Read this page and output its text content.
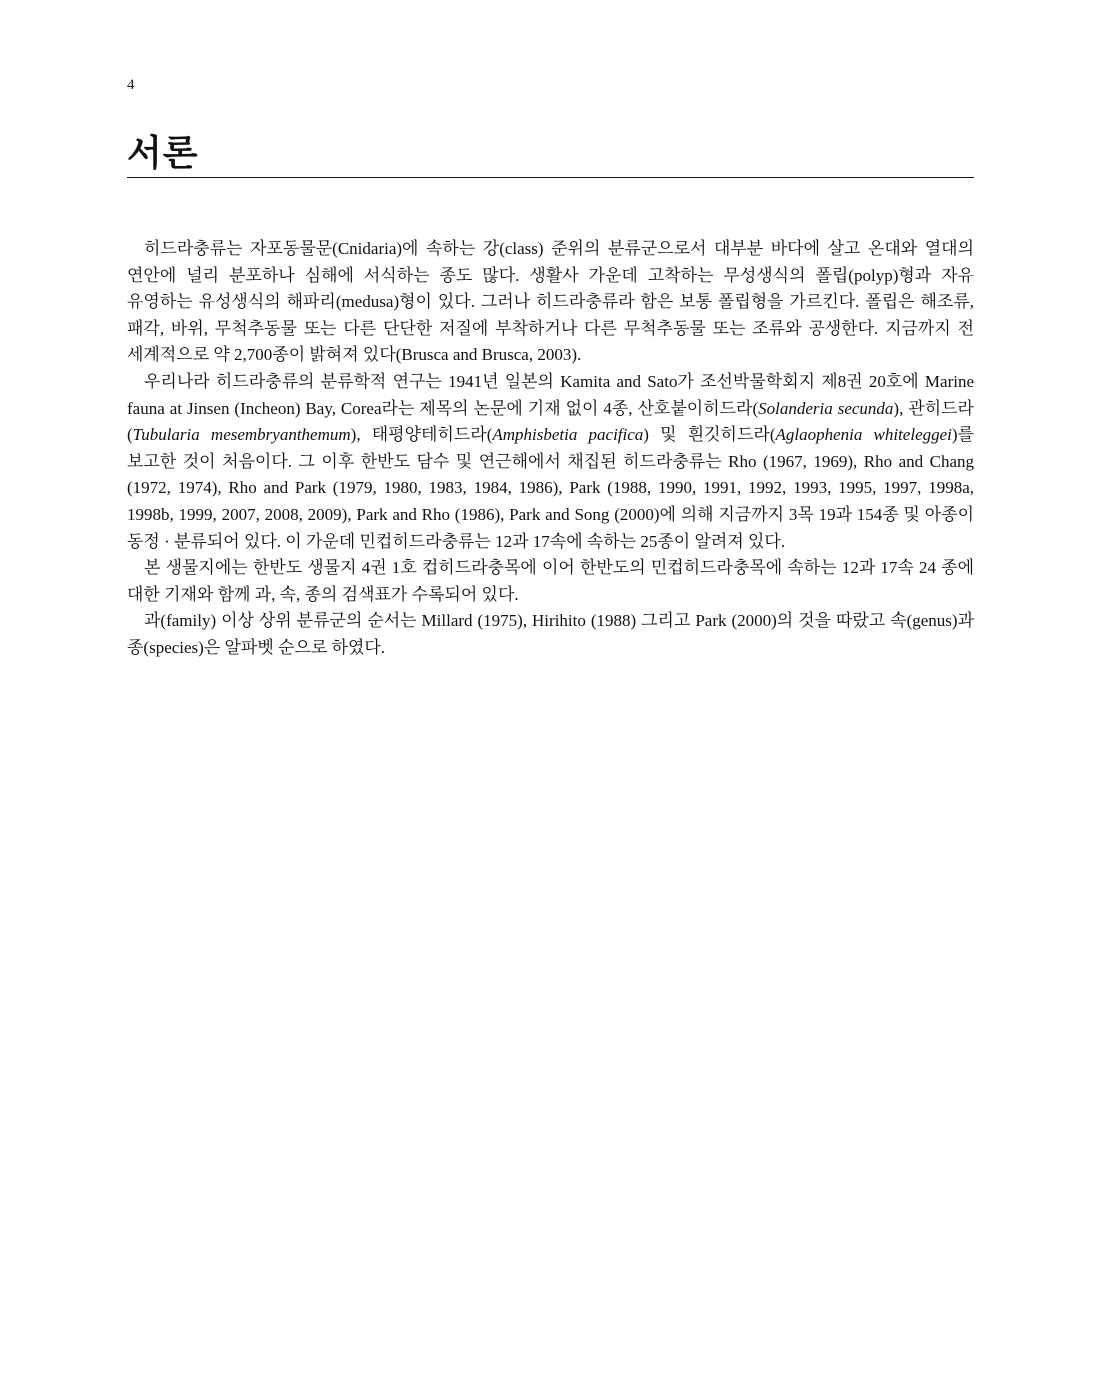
4
서론

히드라충류는 자포동물문(Cnidaria)에 속하는 강(class) 준위의 분류군으로서 대부분 바다에 살고 온대와 열대의 연안에 널리 분포하나 심해에 서식하는 종도 많다. 생활사 가운데 고착하는 무성생식의 폴립(polyp)형과 자유 유영하는 유성생식의 해파리(medusa)형이 있다. 그러나 히드라충류라 함은 보통 폴립형을 가르킨다. 폴립은 해조류, 패각, 바위, 무척추동물 또는 다른 단단한 저질에 부착하거나 다른 무척추동물 또는 조류와 공생한다. 지금까지 전 세계적으로 약 2,700종이 밝혀져 있다(Brusca and Brusca, 2003).

우리나라 히드라충류의 분류학적 연구는 1941년 일본의 Kamita and Sato가 조선박물학회지 제8권 20호에 Marine fauna at Jinsen (Incheon) Bay, Corea라는 제목의 논문에 기재 없이 4종, 산호붙이히드라(Solanderia secunda), 관히드라(Tubularia mesembryanthemum), 태평양테히드라(Amphisbetia pacifica) 및 흰깃히드라(Aglaophenia whiteleggei)를 보고한 것이 처음이다. 그 이후 한반도 담수 및 연근해에서 채집된 히드라충류는 Rho (1967, 1969), Rho and Chang (1972, 1974), Rho and Park (1979, 1980, 1983, 1984, 1986), Park (1988, 1990, 1991, 1992, 1993, 1995, 1997, 1998a, 1998b, 1999, 2007, 2008, 2009), Park and Rho (1986), Park and Song (2000)에 의해 지금까지 3목 19과 154종 및 아종이 동정 · 분류되어 있다. 이 가운데 민컵히드라충류는 12과 17속에 속하는 25종이 알려져 있다.

본 생물지에는 한반도 생물지 4권 1호 컵히드라충목에 이어 한반도의 민컵히드라충목에 속하는 12과 17속 24 종에 대한 기재와 함께 과, 속, 종의 검색표가 수록되어 있다.

과(family) 이상 상위 분류군의 순서는 Millard (1975), Hirihito (1988) 그리고 Park (2000)의 것을 따랐고 속(genus)과 종(species)은 알파벳 순으로 하였다.
